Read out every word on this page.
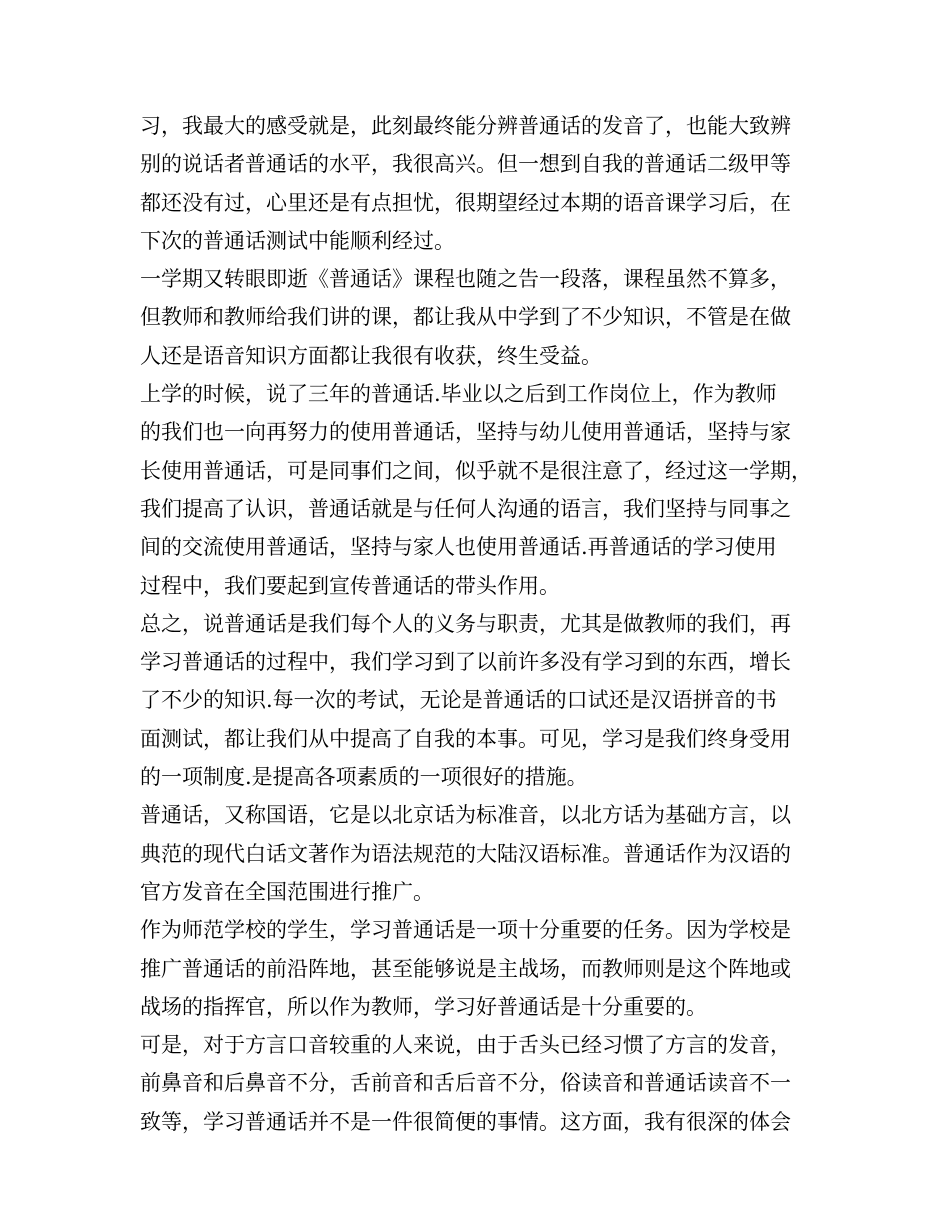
习，我最大的感受就是，此刻最终能分辨普通话的发音了，也能大致辨
别的说话者普通话的水平，我很高兴。但一想到自我的普通话二级甲等
都还没有过，心里还是有点担忧，很期望经过本期的语音课学习后，在
下次的普通话测试中能顺利经过。
一学期又转眼即逝《普通话》课程也随之告一段落，课程虽然不算多，
但教师和教师给我们讲的课，都让我从中学到了不少知识，不管是在做
人还是语音知识方面都让我很有收获，终生受益。
上学的时候，说了三年的普通话.毕业以之后到工作岗位上，作为教师
的我们也一向再努力的使用普通话，坚持与幼儿使用普通话，坚持与家
长使用普通话，可是同事们之间，似乎就不是很注意了，经过这一学期，
我们提高了认识，普通话就是与任何人沟通的语言，我们坚持与同事之
间的交流使用普通话，坚持与家人也使用普通话.再普通话的学习使用
过程中，我们要起到宣传普通话的带头作用。
总之，说普通话是我们每个人的义务与职责，尤其是做教师的我们，再
学习普通话的过程中，我们学习到了以前许多没有学习到的东西，增长
了不少的知识.每一次的考试，无论是普通话的口试还是汉语拼音的书
面测试，都让我们从中提高了自我的本事。可见，学习是我们终身受用
的一项制度.是提高各项素质的一项很好的措施。
普通话，又称国语，它是以北京话为标准音，以北方话为基础方言，以
典范的现代白话文著作为语法规范的大陆汉语标准。普通话作为汉语的
官方发音在全国范围进行推广。
作为师范学校的学生，学习普通话是一项十分重要的任务。因为学校是
推广普通话的前沿阵地，甚至能够说是主战场，而教师则是这个阵地或
战场的指挥官，所以作为教师，学习好普通话是十分重要的。
可是，对于方言口音较重的人来说，由于舌头已经习惯了方言的发音，
前鼻音和后鼻音不分，舌前音和舌后音不分，俗读音和普通话读音不一
致等，学习普通话并不是一件很简便的事情。这方面，我有很深的体会
